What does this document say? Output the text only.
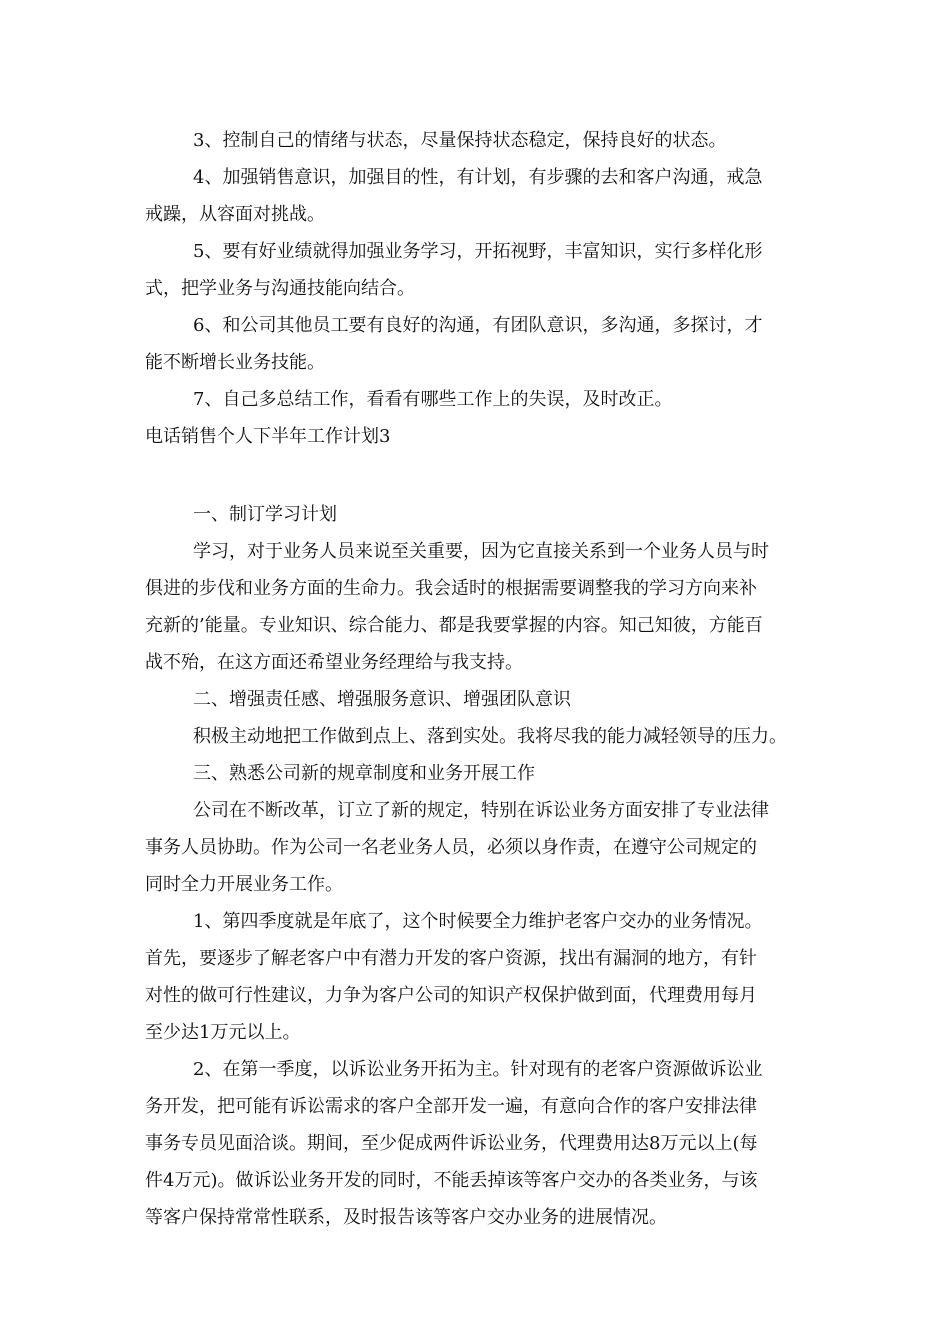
3、控制自己的情绪与状态，尽量保持状态稳定，保持良好的状态。
4、加强销售意识，加强目的性，有计划，有步骤的去和客户沟通，戒急
戒躁，从容面对挑战。
5、要有好业绩就得加强业务学习，开拓视野，丰富知识，实行多样化形
式，把学业务与沟通技能向结合。
6、和公司其他员工要有良好的沟通，有团队意识，多沟通，多探讨，才
能不断增长业务技能。
7、自己多总结工作，看看有哪些工作上的失误，及时改正。
电话销售个人下半年工作计划3
一、制订学习计划
学习，对于业务人员来说至关重要，因为它直接关系到一个业务人员与时
俱进的步伐和业务方面的生命力。我会适时的根据需要调整我的学习方向来补
充新的’能量。专业知识、综合能力、都是我要掌握的内容。知己知彼，方能百
战不殆，在这方面还希望业务经理给与我支持。
二、增强责任感、增强服务意识、增强团队意识
积极主动地把工作做到点上、落到实处。我将尽我的能力减轻领导的压力。
三、熟悉公司新的规章制度和业务开展工作
公司在不断改革，订立了新的规定，特别在诉讼业务方面安排了专业法律
事务人员协助。作为公司一名老业务人员，必须以身作责，在遵守公司规定的
同时全力开展业务工作。
1、第四季度就是年底了，这个时候要全力维护老客户交办的业务情况。
首先，要逐步了解老客户中有潜力开发的客户资源，找出有漏洞的地方，有针
对性的做可行性建议，力争为客户公司的知识产权保护做到面，代理费用每月
至少达1万元以上。
2、在第一季度，以诉讼业务开拓为主。针对现有的老客户资源做诉讼业
务开发，把可能有诉讼需求的客户全部开发一遍，有意向合作的客户安排法律
事务专员见面洽谈。期间，至少促成两件诉讼业务，代理费用达8万元以上(每
件4万元)。做诉讼业务开发的同时，不能丢掉该等客户交办的各类业务，与该
等客户保持常常性联系，及时报告该等客户交办业务的进展情况。
